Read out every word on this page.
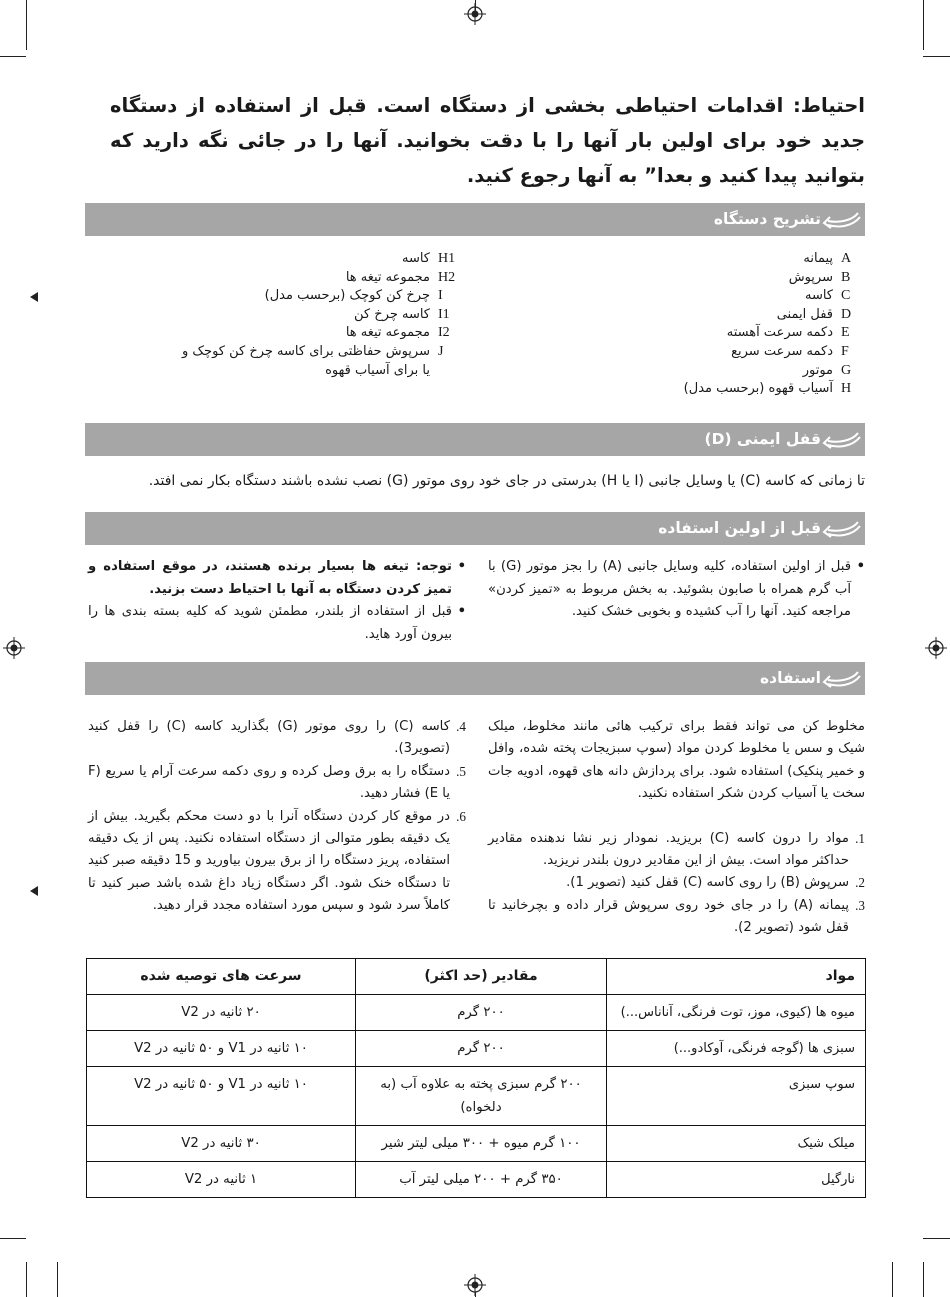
احتیاط: اقدامات احتیاطی بخشی از دستگاه است. قبل از استفاده از دستگاه جدید خود برای اولین بار آنها را با دقت بخوانید. آنها را در جائی نگه دارید که بتوانید پیدا کنید و بعدا” به آنها رجوع کنید.
تشریح دستگاه
A
پیمانه
B
سرپوش
C
کاسه
D
قفل ایمنی
E
دکمه سرعت آهسته
F
دکمه سرعت سریع
G
موتور
H
آسیاب قهوه (برحسب مدل)
H1
کاسه
H2
مجموعه تیغه ها
I
چرخ کن کوچک (برحسب مدل)
I1
کاسه چرخ کن
I2
مجموعه تیغه ها
J
سرپوش حفاظتی برای کاسه چرخ کن کوچک و یا برای آسیاب قهوه
قفل ایمنی (D)
تا زمانی که کاسه (C) یا وسایل جانبی (I یا H) بدرستی در جای خود روی موتور (G) نصب نشده باشند دستگاه بکار نمی افتد.
قبل از اولین استفاده
• قبل از اولین استفاده، کلیه وسایل جانبی (A) را بجز موتور (G) با آب گرم همراه با صابون بشوئید. به بخش مربوط به «تمیز کردن» مراجعه کنید. آنها را آب کشیده و بخوبی خشک کنید.
• توجه: تیغه ها بسیار برنده هستند، در موقع استفاده و تمیز کردن دستگاه به آنها با احتیاط دست بزنید.
• قبل از استفاده از بلندر، مطمئن شوید که کلیه بسته بندی ها را بیرون آورد هاید.
استفاده
مخلوط کن می تواند فقط برای ترکیب هائی مانند مخلوط، میلک شیک و سس یا مخلوط کردن مواد (سوپ سبزیجات پخته شده، وافل و خمیر پنکیک) استفاده شود. برای پردازش دانه های قهوه، ادویه جات سخت یا آسیاب کردن شکر استفاده نکنید.
1.
مواد را درون کاسه (C) بریزید. نمودار زیر نشا ندهنده مقادیر حداکثر مواد است. بیش از این مقادیر درون بلندر نریزید.
2.
سرپوش (B) را روی کاسه (C) قفل کنید (تصویر 1).
3.
پیمانه (A) را در جای خود روی سرپوش قرار داده و بچرخانید تا قفل شود (تصویر 2).
4.
کاسه (C) را روی موتور (G) بگذارید کاسه (C) را قفل کنید (تصویر3).
5.
دستگاه را به برق وصل کرده و روی دکمه سرعت آرام یا سریع (F یا E) فشار دهید.
6.
در موقع کار کردن دستگاه آنرا با دو دست محکم بگیرید. بیش از یک دقیقه بطور متوالی از دستگاه استفاده نکنید. پس از یک دقیقه استفاده، پریز دستگاه را از برق بیرون بیاورید و 15 دقیقه صبر کنید تا دستگاه خنک شود. اگر دستگاه زیاد داغ شده باشد صبر کنید تا کاملاً سرد شود و سپس مورد استفاده مجدد قرار دهید.
مواد	مقادیر (حد اکثر)	سرعت های توصیه شده
میوه ها (کیوی، موز، توت فرنگی، آناناس...)	۲۰۰ گرم	۲۰ ثانیه در V2
سبزی ها (گوجه فرنگی، آوکادو...)	۲۰۰ گرم	۱۰ ثانیه در V1 و ۵۰ ثانیه در V2
سوپ سبزی	۲۰۰ گرم سبزی پخته به علاوه آب (به دلخواه)	۱۰ ثانیه در V1 و ۵۰ ثانیه در V2
میلک شیک	۱۰۰ گرم میوه + ۳۰۰ میلی لیتر شیر	۳۰ ثانیه در V2
نارگیل	۳۵۰ گرم + ۲۰۰ میلی لیتر آب	۱ ثانیه در V2
